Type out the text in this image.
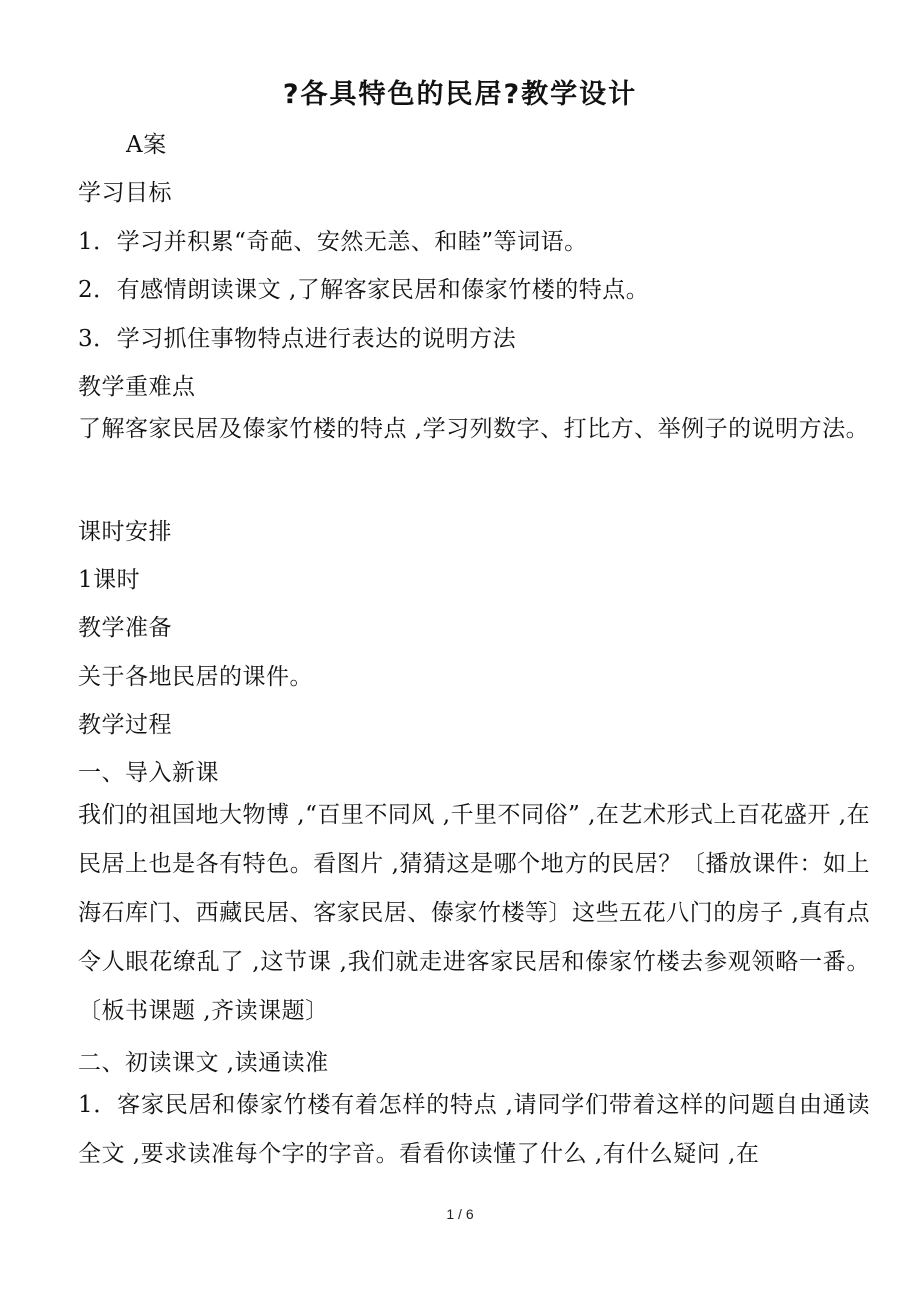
?各具特色的民居?教学设计
A案
学习目标
1．学习并积累“奇葩、安然无恙、和睦”等词语。
2．有感情朗读课文 ,了解客家民居和傣家竹楼的特点。
3．学习抓住事物特点进行表达的说明方法
教学重难点
了解客家民居及傣家竹楼的特点 ,学习列数字、打比方、举例子的说明方法。
课时安排
1课时
教学准备
关于各地民居的课件。
教学过程
一、导入新课
我们的祖国地大物博 ,“百里不同风 ,千里不同俗” ,在艺术形式上百花盛开 ,在民居上也是各有特色。看图片 ,猜猜这是哪个地方的民居？〔播放课件：如上海石库门、西藏民居、客家民居、傣家竹楼等〕这些五花八门的房子 ,真有点令人眼花缭乱了 ,这节课 ,我们就走进客家民居和傣家竹楼去参观领略一番。〔板书课题 ,齐读课题〕
二、初读课文 ,读通读准
1．客家民居和傣家竹楼有着怎样的特点 ,请同学们带着这样的问题自由通读全文 ,要求读准每个字的字音。看看你读懂了什么 ,有什么疑问 ,在
1 / 6
